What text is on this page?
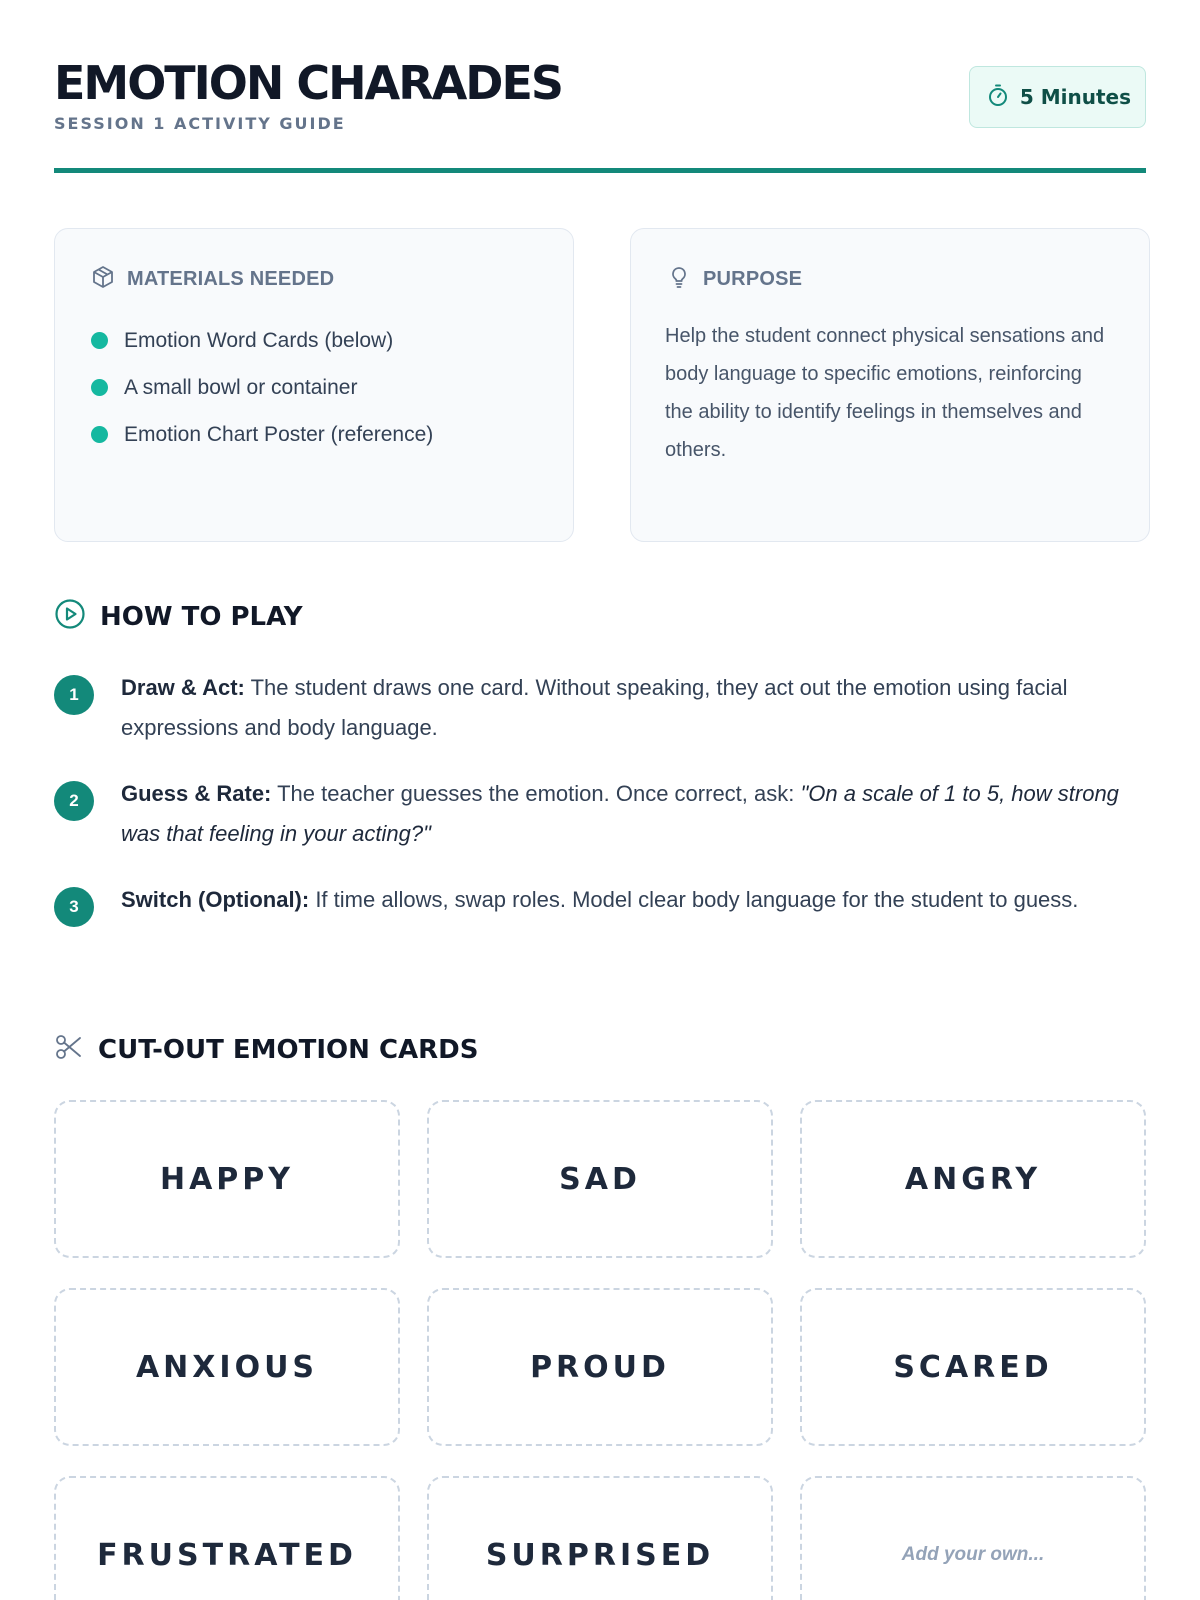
EMOTION CHARADES
SESSION 1 ACTIVITY GUIDE
5 Minutes
MATERIALS NEEDED
Emotion Word Cards (below)
A small bowl or container
Emotion Chart Poster (reference)
PURPOSE

Help the student connect physical sensations and body language to specific emotions, reinforcing the ability to identify feelings in themselves and others.

HOW TO PLAY
1	Draw & Act: The student draws one card. Without speaking, they act out the emotion using facial expressions and body language.
2	Guess & Rate: The teacher guesses the emotion. Once correct, ask: "On a scale of 1 to 5, how strong was that feeling in your acting?"
3	Switch (Optional): If time allows, swap roles. Model clear body language for the student to guess.
CUT-OUT EMOTION CARDS
HAPPY	SAD	ANGRY
ANXIOUS	PROUD	SCARED
FRUSTRATED	SURPRISED	Add your own...
